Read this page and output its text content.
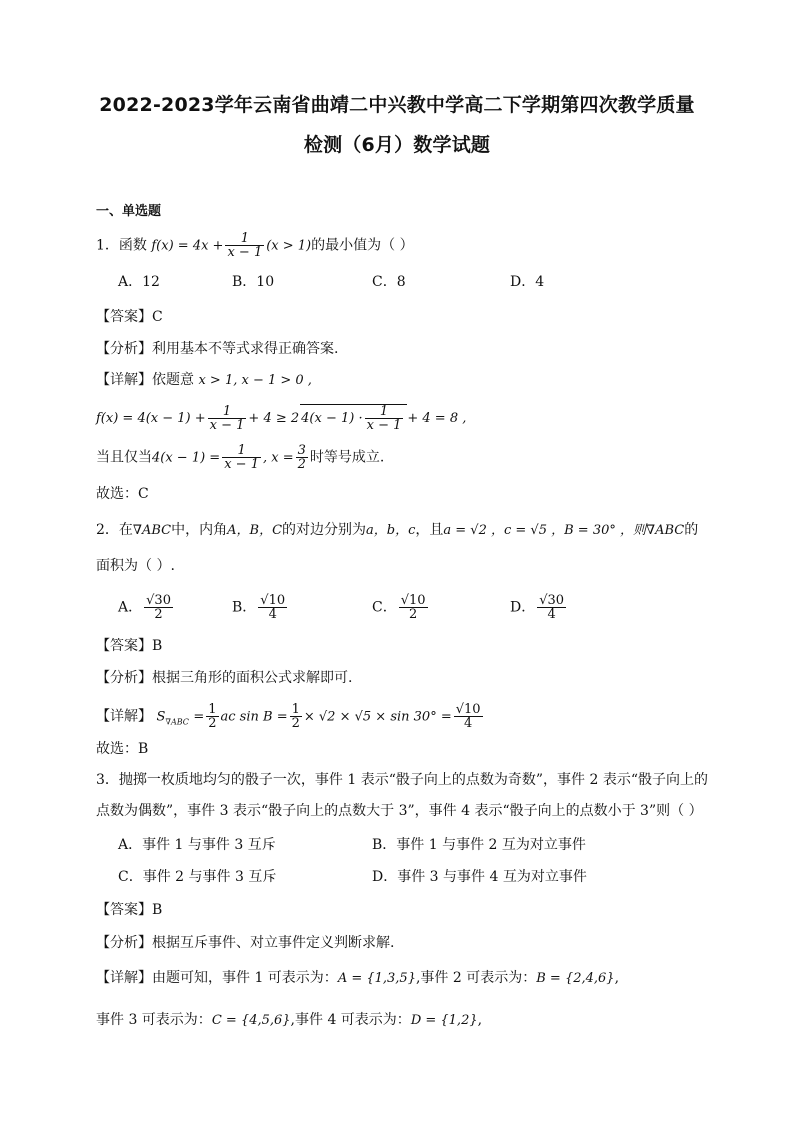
2022-2023学年云南省曲靖二中兴教中学高二下学期第四次教学质量
检测（6月）数学试题
一、单选题
1．函数 $f(x) = 4x + \frac{1}{x - 1} (x > 1)$的最小值为（ ）
A．12	B．10	C．8	D．4
【答案】C
【分析】利用基本不等式求得正确答案.
【详解】依题意 x > 1, x − 1 > 0 ,
$f(x) = 4(x - 1) + \frac{1}{x - 1} + 4 \ge 2$ $4(x - 1) \cdot \frac{1}{x - 1} + 4 = 8$ ,
当且仅当$4(x - 1) = \frac{1}{x - 1}$ , $x = \frac{3}{2}$ 时等号成立.
故选：C
2．在∇ABC中，内角A，B，C的对边分别为a，b，c，且a = √2 ，c = √5 ，B = 30° ，则∇ABC的
面积为（ ）.
A． $\frac{√30}{2}$	B． $\frac{√10}{4}$	C． $\frac{√10}{2}$	D． $\frac{√30}{4}$
【答案】B
【分析】根据三角形的面积公式求解即可.
【详解】 $S_{\nabla ABC} = \frac{1}{2}$ ac $\sin B = \frac{1}{2} \times √2 \times √5 \times \sin 30^\circ = \frac{√10}{4}$
故选：B
3．抛掷一枚质地均匀的骰子一次，事件 1 表示“骰子向上的点数为奇数”，事件 2 表示“骰子向上的
点数为偶数”，事件 3 表示“骰子向上的点数大于 3”，事件 4 表示“骰子向上的点数小于 3”则（ ）
A．事件 1 与事件 3 互斥	B．事件 1 与事件 2 互为对立事件
C．事件 2 与事件 3 互斥	D．事件 3 与事件 4 互为对立事件
【答案】B
【分析】根据互斥事件、对立事件定义判断求解.
【详解】由题可知，事件 1 可表示为：A = {1,3,5},事件 2 可表示为：B = {2,4,6},
事件 3 可表示为：C = {4,5,6},事件 4 可表示为：D = {1,2},
